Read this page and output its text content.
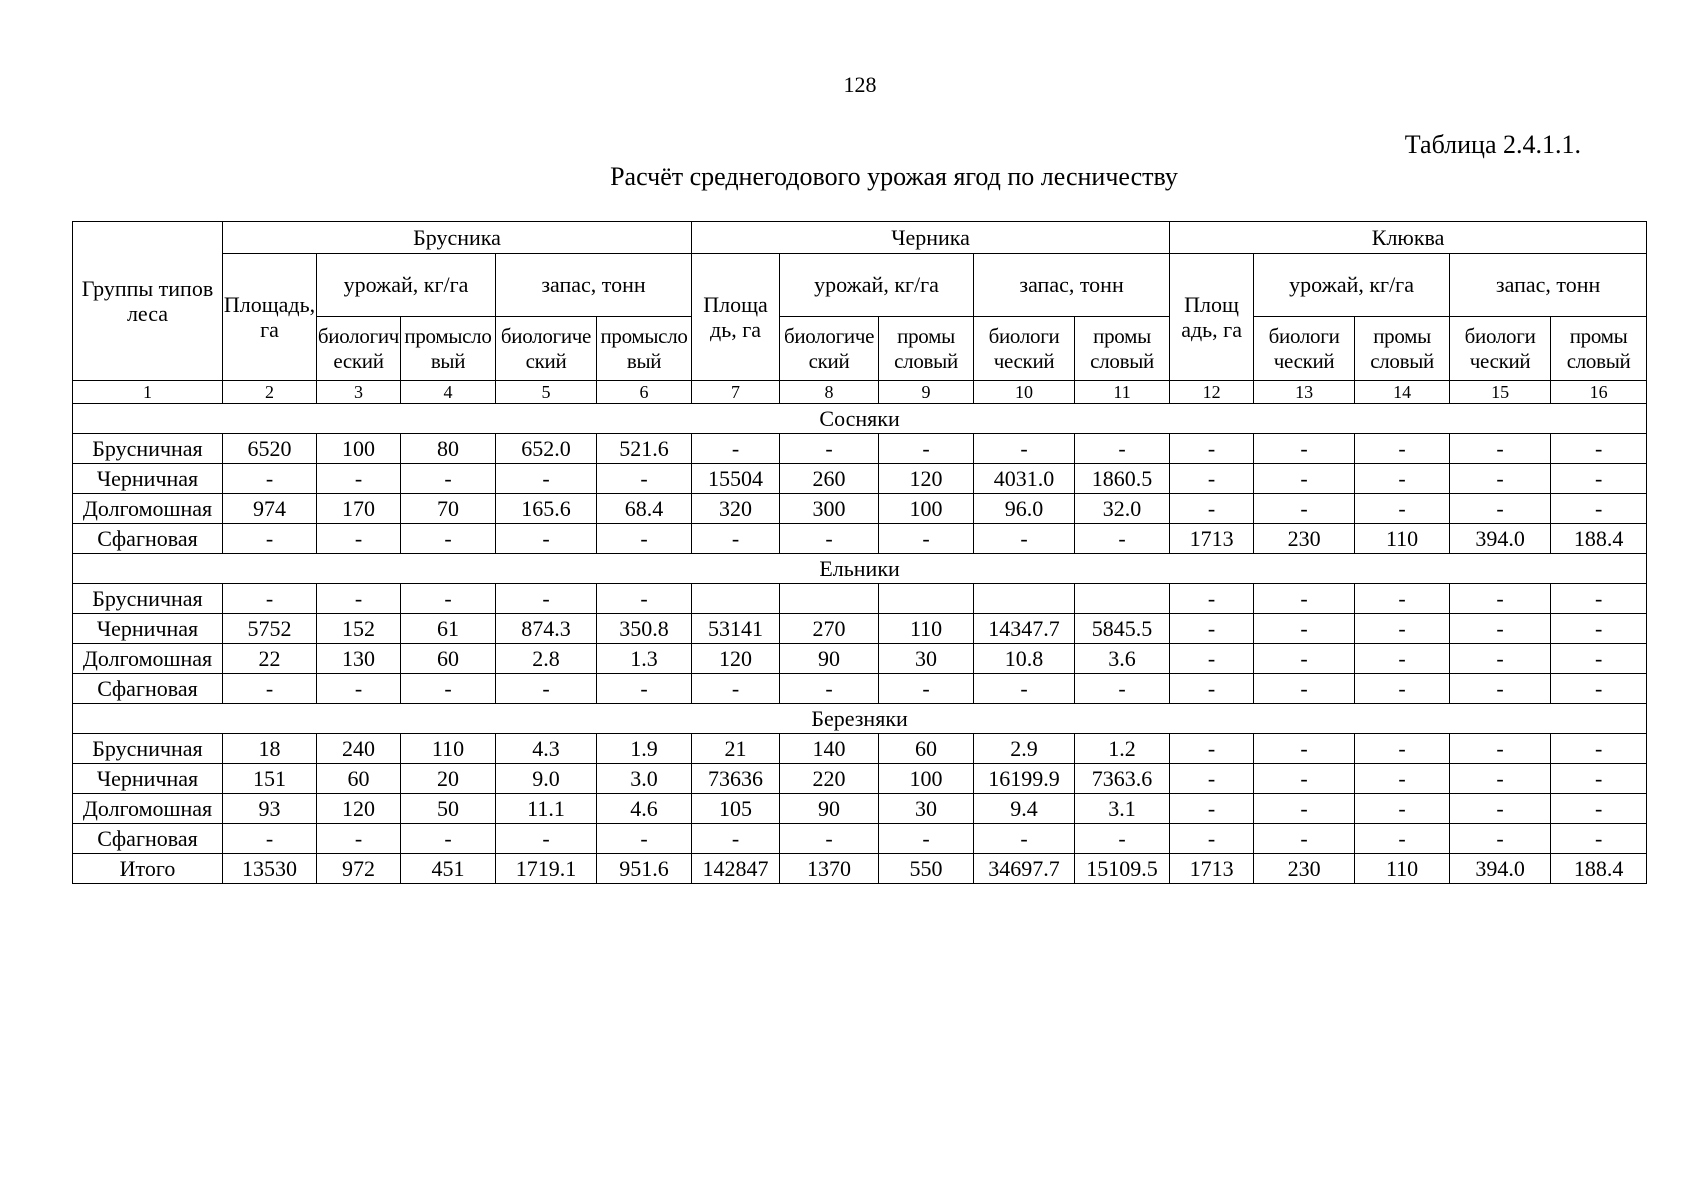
128
Таблица 2.4.1.1.
Расчёт среднегодового урожая ягод по лесничеству
Группы типов леса	Брусника					Черника					Клюква				
	Площадь, га	урожай, кг/га		запас, тонн		Площа дь, га	урожай, кг/га		запас, тонн		Площ адь, га	урожай, кг/га		запас, тонн	
		биологич еский	промысло вый	биологиче ский	промысло вый		биологиче ский	промы словый	биологи ческий	промы словый		биологи ческий	промы словый	биологи ческий	промы словый
1	2	3	4	5	6	7	8	9	10	11	12	13	14	15	16
Сосняки															
Брусничная	6520	100	80	652.0	521.6	-	-	-	-	-	-	-	-	-	-
Черничная	-	-	-	-	-	15504	260	120	4031.0	1860.5	-	-	-	-	-
Долгомошная	974	170	70	165.6	68.4	320	300	100	96.0	32.0	-	-	-	-	-
Сфагновая	-	-	-	-	-	-	-	-	-	-	1713	230	110	394.0	188.4
Ельники															
Брусничная	-	-	-	-	-						-	-	-	-	-
Черничная	5752	152	61	874.3	350.8	53141	270	110	14347.7	5845.5	-	-	-	-	-
Долгомошная	22	130	60	2.8	1.3	120	90	30	10.8	3.6	-	-	-	-	-
Сфагновая	-	-	-	-	-	-	-	-	-	-	-	-	-	-	-
Березняки															
Брусничная	18	240	110	4.3	1.9	21	140	60	2.9	1.2	-	-	-	-	-
Черничная	151	60	20	9.0	3.0	73636	220	100	16199.9	7363.6	-	-	-	-	-
Долгомошная	93	120	50	11.1	4.6	105	90	30	9.4	3.1	-	-	-	-	-
Сфагновая	-	-	-	-	-	-	-	-	-	-	-	-	-	-	-
Итого	13530	972	451	1719.1	951.6	142847	1370	550	34697.7	15109.5	1713	230	110	394.0	188.4
